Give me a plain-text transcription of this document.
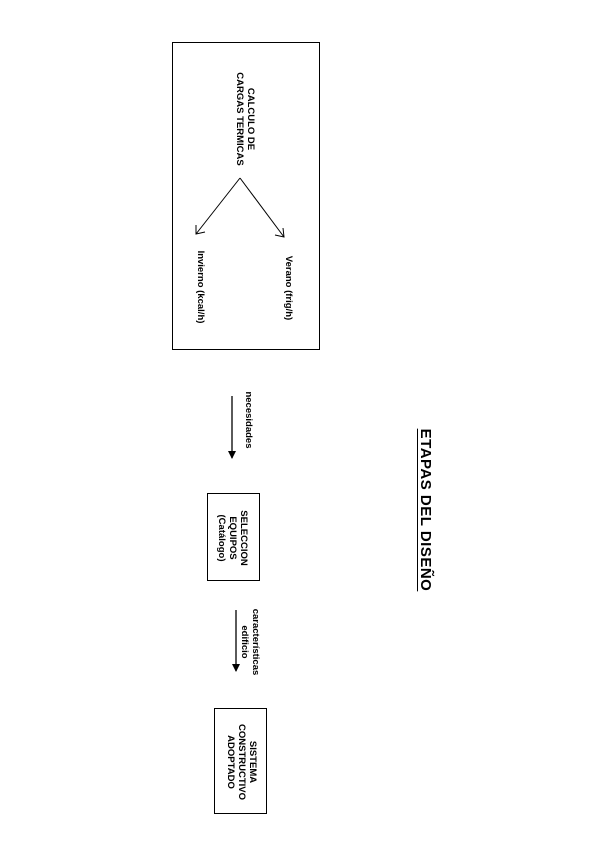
ETAPAS DEL DISEÑO
CALCULO DE
CARGAS TERMICAS
Verano (frig/h)
Invierno (kcal/h)
necesidades
SELECCION
EQUIPOS
(Catálogo)
características
edificio
SISTEMA
CONSTRUCTIVO
ADOPTADO
